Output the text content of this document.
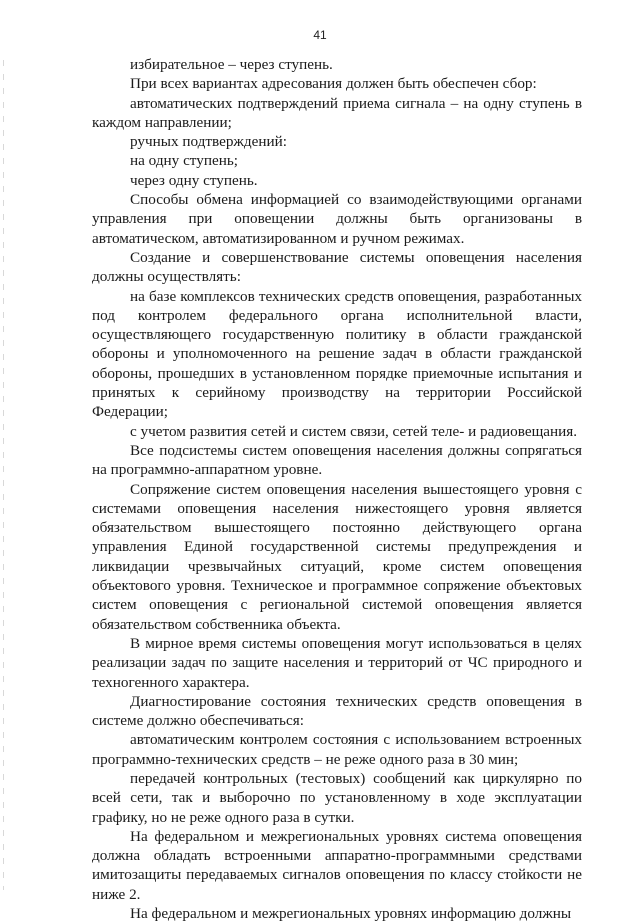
41

избирательное – через ступень.

При всех вариантах адресования должен быть обеспечен сбор:

автоматических подтверждений приема сигнала – на одну ступень в каждом направлении;

ручных подтверждений:

на одну ступень;

через одну ступень.

Способы обмена информацией со взаимодействующими органами управления при оповещении должны быть организованы в автоматическом, автоматизированном и ручном режимах.

Создание и совершенствование системы оповещения населения должны осуществлять:

на базе комплексов технических средств оповещения, разработанных под контролем федерального органа исполнительной власти, осуществляющего государственную политику в области гражданской обороны и уполномоченного на решение задач в области гражданской обороны, прошедших в установленном порядке приемочные испытания и принятых к серийному производству на территории Российской Федерации;

с учетом развития сетей и систем связи, сетей теле- и радиовещания.

Все подсистемы систем оповещения населения должны сопрягаться на программно-аппаратном уровне.

Сопряжение систем оповещения населения вышестоящего уровня с системами оповещения населения нижестоящего уровня является обязательством вышестоящего постоянно действующего органа управления Единой государственной системы предупреждения и ликвидации чрезвычайных ситуаций, кроме систем оповещения объектового уровня. Техническое и программное сопряжение объектовых систем оповещения с региональной системой оповещения является обязательством собственника объекта.

В мирное время системы оповещения могут использоваться в целях реализации задач по защите населения и территорий от ЧС природного и техногенного характера.

Диагностирование состояния технических средств оповещения в системе должно обеспечиваться:

автоматическим контролем состояния с использованием встроенных программно-технических средств – не реже одного раза в 30 мин;

передачей контрольных (тестовых) сообщений как циркулярно по всей сети, так и выборочно по установленному в ходе эксплуатации графику, но не реже одного раза в сутки.

На федеральном и межрегиональных уровнях система оповещения должна обладать встроенными аппаратно-программными средствами имитозащиты передаваемых сигналов оповещения по классу стойкости не ниже 2.

На федеральном и межрегиональных уровнях информацию должны
